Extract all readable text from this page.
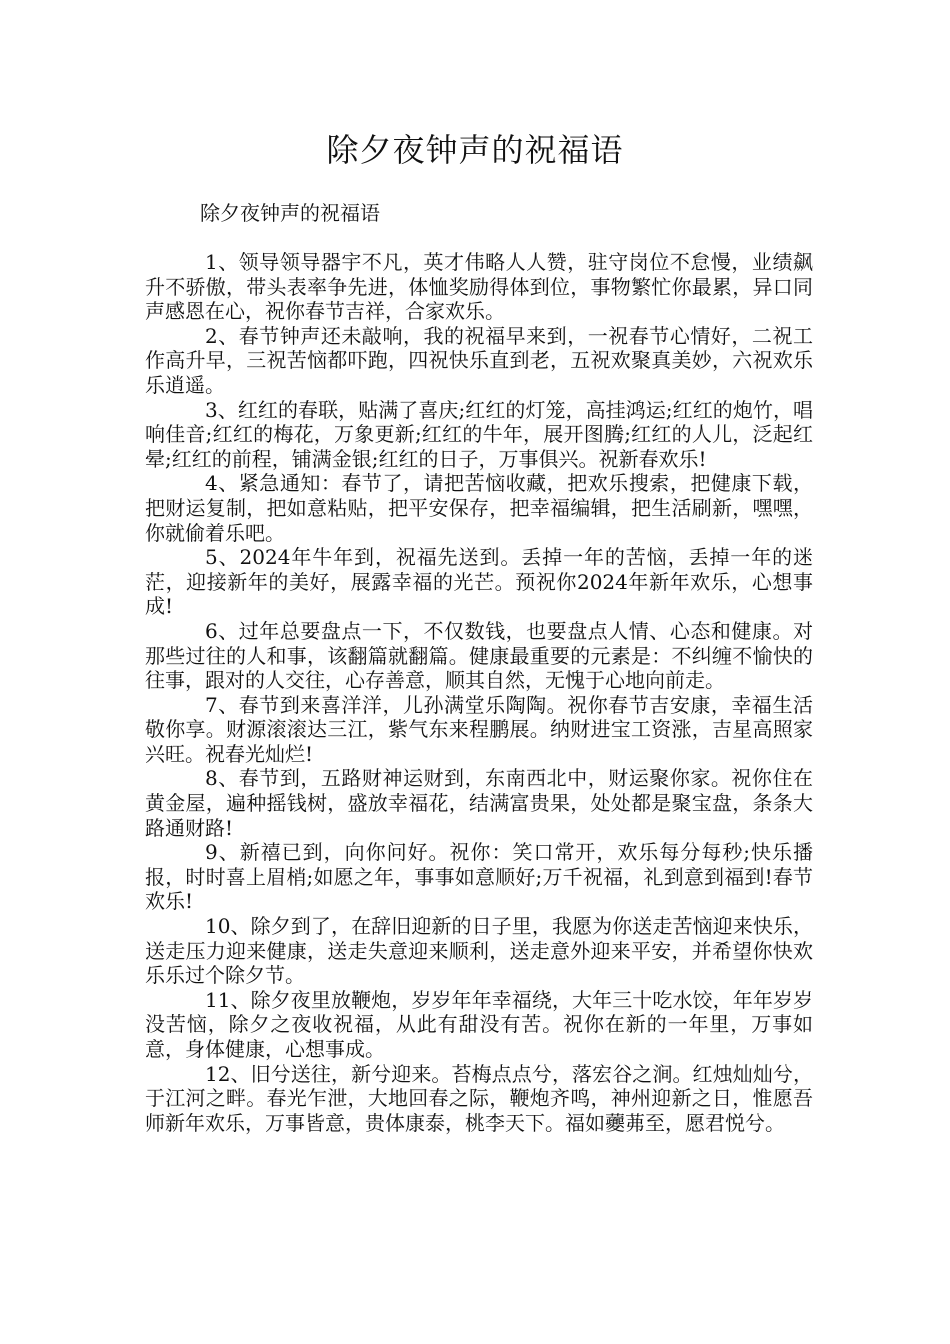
除夕夜钟声的祝福语
除夕夜钟声的祝福语

1、领导领导器宇不凡，英才伟略人人赞，驻守岗位不怠慢，业绩飙升不骄傲，带头表率争先进，体恤奖励得体到位，事物繁忙你最累，异口同声感恩在心，祝你春节吉祥，合家欢乐。

2、春节钟声还未敲响，我的祝福早来到，一祝春节心情好，二祝工作高升早，三祝苦恼都吓跑，四祝快乐直到老，五祝欢聚真美妙，六祝欢乐乐逍遥。

3、红红的春联，贴满了喜庆;红红的灯笼，高挂鸿运;红红的炮竹，唱响佳音;红红的梅花，万象更新;红红的牛年，展开图腾;红红的人儿，泛起红晕;红红的前程，铺满金银;红红的日子，万事俱兴。祝新春欢乐!

4、紧急通知：春节了，请把苦恼收藏，把欢乐搜索，把健康下载，把财运复制，把如意粘贴，把平安保存，把幸福编辑，把生活刷新，嘿嘿，你就偷着乐吧。

5、2024年牛年到，祝福先送到。丢掉一年的苦恼，丢掉一年的迷茫，迎接新年的美好，展露幸福的光芒。预祝你2024年新年欢乐，心想事成!

6、过年总要盘点一下，不仅数钱，也要盘点人情、心态和健康。对那些过往的人和事，该翻篇就翻篇。健康最重要的元素是：不纠缠不愉快的往事，跟对的人交往，心存善意，顺其自然，无愧于心地向前走。

7、春节到来喜洋洋，儿孙满堂乐陶陶。祝你春节吉安康，幸福生活敬你享。财源滚滚达三江，紫气东来程鹏展。纳财进宝工资涨，吉星高照家兴旺。祝春光灿烂!

8、春节到，五路财神运财到，东南西北中，财运聚你家。祝你住在黄金屋，遍种摇钱树，盛放幸福花，结满富贵果，处处都是聚宝盘，条条大路通财路!

9、新禧已到，向你问好。祝你：笑口常开，欢乐每分每秒;快乐播报，时时喜上眉梢;如愿之年，事事如意顺好;万千祝福，礼到意到福到!春节欢乐!

10、除夕到了，在辞旧迎新的日子里，我愿为你送走苦恼迎来快乐，送走压力迎来健康，送走失意迎来顺利，送走意外迎来平安，并希望你快欢乐乐过个除夕节。

11、除夕夜里放鞭炮，岁岁年年幸福绕，大年三十吃水饺，年年岁岁没苦恼，除夕之夜收祝福，从此有甜没有苦。祝你在新的一年里，万事如意，身体健康，心想事成。

12、旧兮送往，新兮迎来。苔梅点点兮，落宏谷之涧。红烛灿灿兮，于江河之畔。春光乍泄，大地回春之际，鞭炮齐鸣，神州迎新之日，惟愿吾师新年欢乐，万事皆意，贵体康泰，桃李天下。福如虁茀至，愿君悦兮。
